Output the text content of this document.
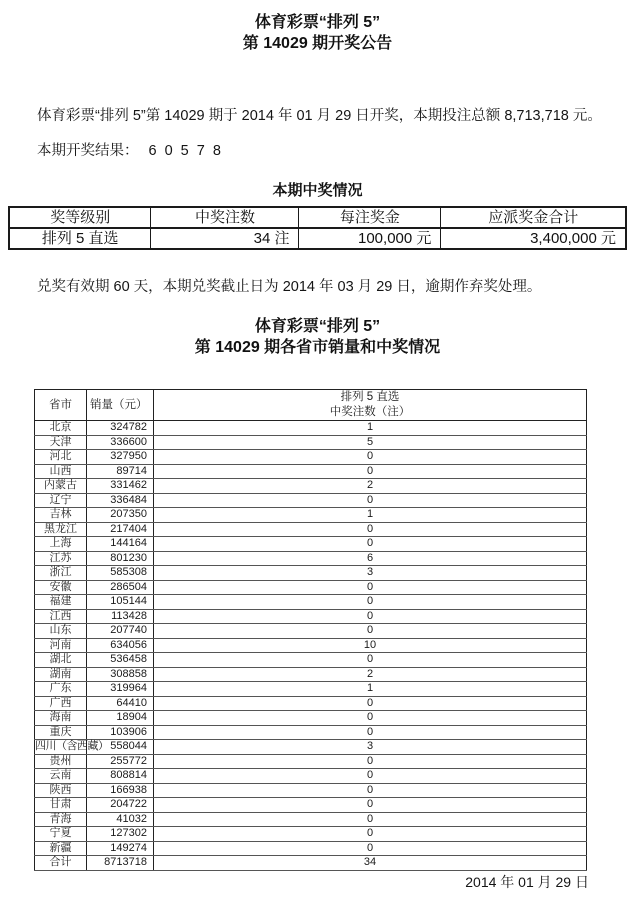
体育彩票“排列 5”
第 14029 期开奖公告

体育彩票“排列 5”第 14029 期于 2014 年 01 月 29 日开奖，本期投注总额 8,713,718 元。

本期开奖结果： 6 0 5 7 8

本期中奖情况
奖等级别	中奖注数	每注奖金	应派奖金合计
排列 5 直选	34 注	100,000 元	3,400,000 元

兑奖有效期 60 天，本期兑奖截止日为 2014 年 03 月 29 日，逾期作弃奖处理。

体育彩票“排列 5”
第 14029 期各省市销量和中奖情况
省市	销量（元）	排列 5 直选
中奖注数（注）

北京	324782	1
天津	336600	5
河北	327950	0
山西	89714	0
内蒙古	331462	2
辽宁	336484	0
吉林	207350	1
黑龙江	217404	0
上海	144164	0
江苏	801230	6
浙江	585308	3
安徽	286504	0
福建	105144	0
江西	113428	0
山东	207740	0
河南	634056	10
湖北	536458	0
湖南	308858	2
广东	319964	1
广西	64410	0
海南	18904	0
重庆	103906	0
四川（含西藏）	558044	3
贵州	255772	0
云南	808814	0
陕西	166938	0
甘肃	204722	0
青海	41032	0
宁夏	127302	0
新疆	149274	0
合计	8713718	34
2014 年 01 月 29 日
